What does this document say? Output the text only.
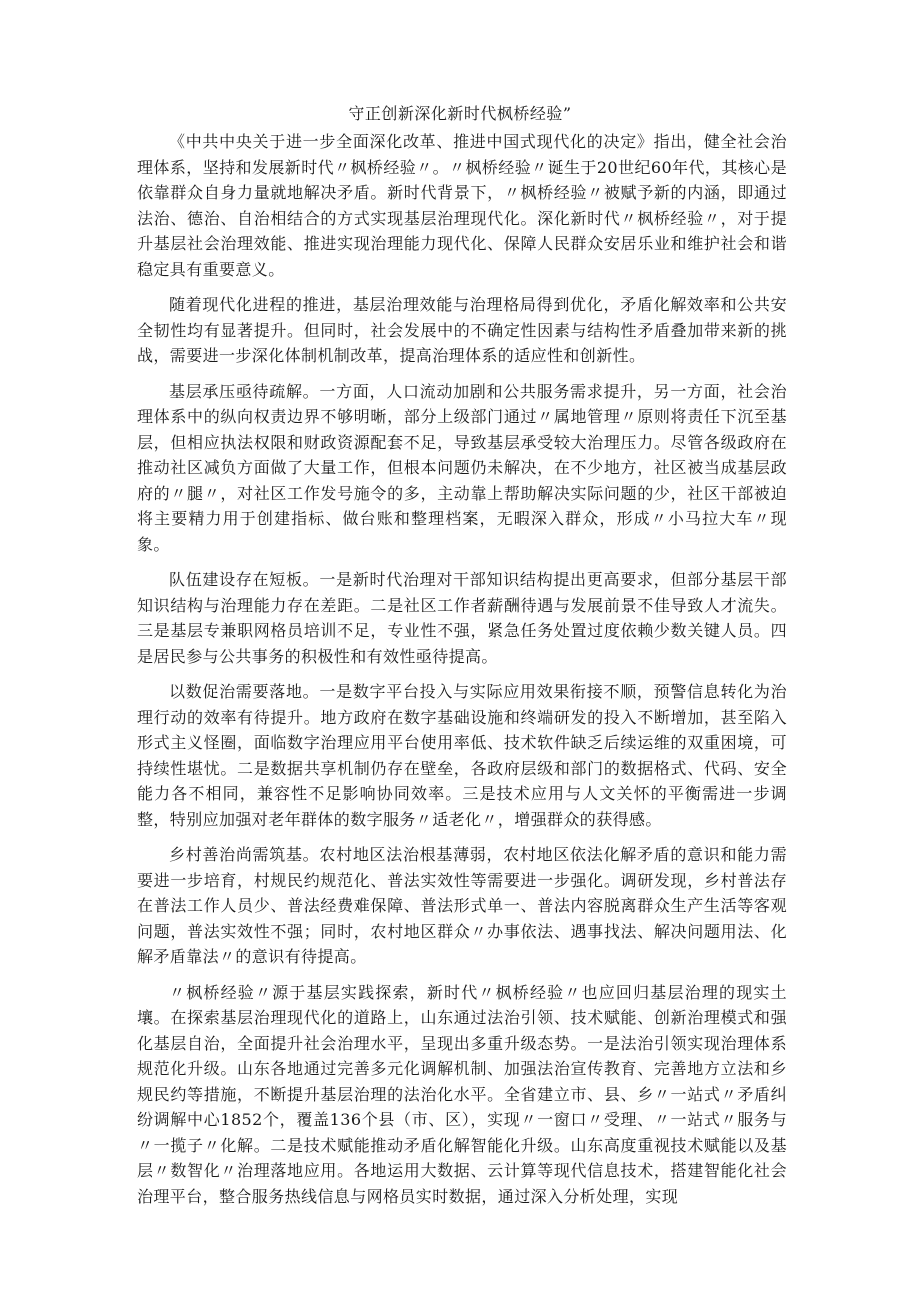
守正创新深化新时代枫桥经验”

《中共中央关于进一步全面深化改革、推进中国式现代化的决定》指出，健全社会治理体系，坚持和发展新时代〃枫桥经验〃。〃枫桥经验〃诞生于20世纪60年代，其核心是依靠群众自身力量就地解决矛盾。新时代背景下，〃枫桥经验〃被赋予新的内涵，即通过法治、德治、自治相结合的方式实现基层治理现代化。深化新时代〃枫桥经验〃，对于提升基层社会治理效能、推进实现治理能力现代化、保障人民群众安居乐业和维护社会和谐稳定具有重要意义。

随着现代化进程的推进，基层治理效能与治理格局得到优化，矛盾化解效率和公共安全韧性均有显著提升。但同时，社会发展中的不确定性因素与结构性矛盾叠加带来新的挑战，需要进一步深化体制机制改革，提高治理体系的适应性和创新性。

基层承压亟待疏解。一方面，人口流动加剧和公共服务需求提升，另一方面，社会治理体系中的纵向权责边界不够明晰，部分上级部门通过〃属地管理〃原则将责任下沉至基层，但相应执法权限和财政资源配套不足，导致基层承受较大治理压力。尽管各级政府在推动社区减负方面做了大量工作，但根本问题仍未解决，在不少地方，社区被当成基层政府的〃腿〃，对社区工作发号施令的多，主动靠上帮助解决实际问题的少，社区干部被迫将主要精力用于创建指标、做台账和整理档案，无暇深入群众，形成〃小马拉大车〃现象。

队伍建设存在短板。一是新时代治理对干部知识结构提出更高要求，但部分基层干部知识结构与治理能力存在差距。二是社区工作者薪酬待遇与发展前景不佳导致人才流失。三是基层专兼职网格员培训不足，专业性不强，紧急任务处置过度依赖少数关键人员。四是居民参与公共事务的积极性和有效性亟待提高。

以数促治需要落地。一是数字平台投入与实际应用效果衔接不顺，预警信息转化为治理行动的效率有待提升。地方政府在数字基础设施和终端研发的投入不断增加，甚至陷入形式主义怪圈，面临数字治理应用平台使用率低、技术软件缺乏后续运维的双重困境，可持续性堪忧。二是数据共享机制仍存在壁垒，各政府层级和部门的数据格式、代码、安全能力各不相同，兼容性不足影响协同效率。三是技术应用与人文关怀的平衡需进一步调整，特别应加强对老年群体的数字服务〃适老化〃，增强群众的获得感。

乡村善治尚需筑基。农村地区法治根基薄弱，农村地区依法化解矛盾的意识和能力需要进一步培育，村规民约规范化、普法实效性等需要进一步强化。调研发现，乡村普法存在普法工作人员少、普法经费难保障、普法形式单一、普法内容脱离群众生产生活等客观问题，普法实效性不强；同时，农村地区群众〃办事依法、遇事找法、解决问题用法、化解矛盾靠法〃的意识有待提高。

〃枫桥经验〃源于基层实践探索，新时代〃枫桥经验〃也应回归基层治理的现实土壤。在探索基层治理现代化的道路上，山东通过法治引领、技术赋能、创新治理模式和强化基层自治，全面提升社会治理水平，呈现出多重升级态势。一是法治引领实现治理体系规范化升级。山东各地通过完善多元化调解机制、加强法治宣传教育、完善地方立法和乡规民约等措施，不断提升基层治理的法治化水平。全省建立市、县、乡〃一站式〃矛盾纠纷调解中心1852个，覆盖136个县（市、区），实现〃一窗口〃受理、〃一站式〃服务与〃一揽子〃化解。二是技术赋能推动矛盾化解智能化升级。山东高度重视技术赋能以及基层〃数智化〃治理落地应用。各地运用大数据、云计算等现代信息技术，搭建智能化社会治理平台，整合服务热线信息与网格员实时数据，通过深入分析处理，实现
